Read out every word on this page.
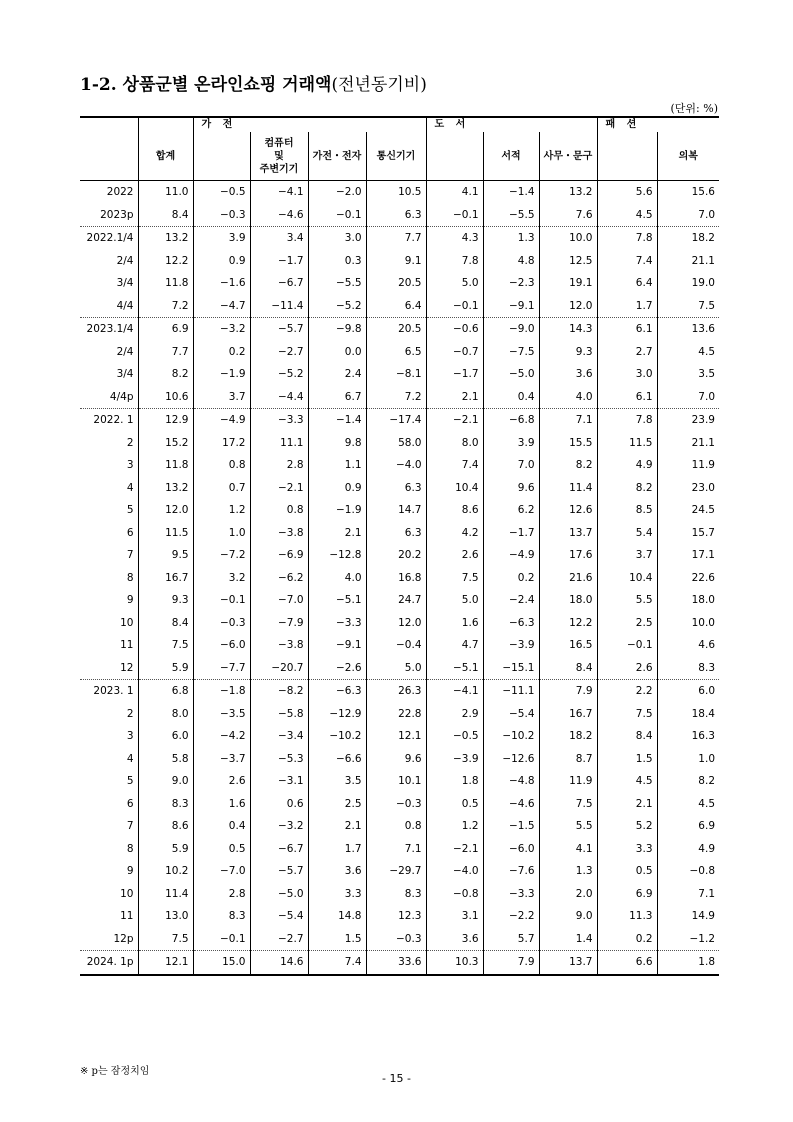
1-2. 상품군별 온라인쇼핑 거래액(전년동기비)
(단위: %)
		가 전				도 서			패 션	
	합계		컴퓨터
및
주변기기	가전・전자	통신기기		서적	사무・문구		의복
2022	11.0	−0.5	−4.1	−2.0	10.5	4.1	−1.4	13.2	5.6	15.6
2023p	8.4	−0.3	−4.6	−0.1	6.3	−0.1	−5.5	7.6	4.5	7.0
2022.1/4	13.2	3.9	3.4	3.0	7.7	4.3	1.3	10.0	7.8	18.2
2/4	12.2	0.9	−1.7	0.3	9.1	7.8	4.8	12.5	7.4	21.1
3/4	11.8	−1.6	−6.7	−5.5	20.5	5.0	−2.3	19.1	6.4	19.0
4/4	7.2	−4.7	−11.4	−5.2	6.4	−0.1	−9.1	12.0	1.7	7.5
2023.1/4	6.9	−3.2	−5.7	−9.8	20.5	−0.6	−9.0	14.3	6.1	13.6
2/4	7.7	0.2	−2.7	0.0	6.5	−0.7	−7.5	9.3	2.7	4.5
3/4	8.2	−1.9	−5.2	2.4	−8.1	−1.7	−5.0	3.6	3.0	3.5
4/4p	10.6	3.7	−4.4	6.7	7.2	2.1	0.4	4.0	6.1	7.0
2022. 1	12.9	−4.9	−3.3	−1.4	−17.4	−2.1	−6.8	7.1	7.8	23.9
2	15.2	17.2	11.1	9.8	58.0	8.0	3.9	15.5	11.5	21.1
3	11.8	0.8	2.8	1.1	−4.0	7.4	7.0	8.2	4.9	11.9
4	13.2	0.7	−2.1	0.9	6.3	10.4	9.6	11.4	8.2	23.0
5	12.0	1.2	0.8	−1.9	14.7	8.6	6.2	12.6	8.5	24.5
6	11.5	1.0	−3.8	2.1	6.3	4.2	−1.7	13.7	5.4	15.7
7	9.5	−7.2	−6.9	−12.8	20.2	2.6	−4.9	17.6	3.7	17.1
8	16.7	3.2	−6.2	4.0	16.8	7.5	0.2	21.6	10.4	22.6
9	9.3	−0.1	−7.0	−5.1	24.7	5.0	−2.4	18.0	5.5	18.0
10	8.4	−0.3	−7.9	−3.3	12.0	1.6	−6.3	12.2	2.5	10.0
11	7.5	−6.0	−3.8	−9.1	−0.4	4.7	−3.9	16.5	−0.1	4.6
12	5.9	−7.7	−20.7	−2.6	5.0	−5.1	−15.1	8.4	2.6	8.3
2023. 1	6.8	−1.8	−8.2	−6.3	26.3	−4.1	−11.1	7.9	2.2	6.0
2	8.0	−3.5	−5.8	−12.9	22.8	2.9	−5.4	16.7	7.5	18.4
3	6.0	−4.2	−3.4	−10.2	12.1	−0.5	−10.2	18.2	8.4	16.3
4	5.8	−3.7	−5.3	−6.6	9.6	−3.9	−12.6	8.7	1.5	1.0
5	9.0	2.6	−3.1	3.5	10.1	1.8	−4.8	11.9	4.5	8.2
6	8.3	1.6	0.6	2.5	−0.3	0.5	−4.6	7.5	2.1	4.5
7	8.6	0.4	−3.2	2.1	0.8	1.2	−1.5	5.5	5.2	6.9
8	5.9	0.5	−6.7	1.7	7.1	−2.1	−6.0	4.1	3.3	4.9
9	10.2	−7.0	−5.7	3.6	−29.7	−4.0	−7.6	1.3	0.5	−0.8
10	11.4	2.8	−5.0	3.3	8.3	−0.8	−3.3	2.0	6.9	7.1
11	13.0	8.3	−5.4	14.8	12.3	3.1	−2.2	9.0	11.3	14.9
12p	7.5	−0.1	−2.7	1.5	−0.3	3.6	5.7	1.4	0.2	−1.2
2024. 1p	12.1	15.0	14.6	7.4	33.6	10.3	7.9	13.7	6.6	1.8
※ p는 잠정치임
- 15 -
